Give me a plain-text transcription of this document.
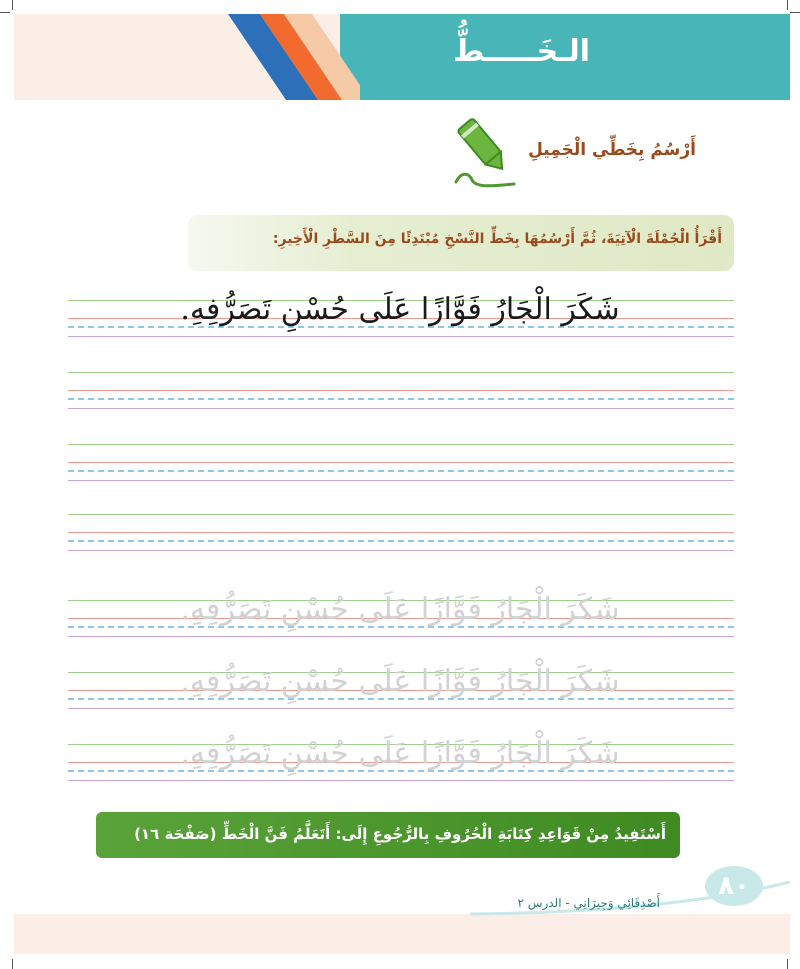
الـخَـــــطُّ
أَرْسُمُ بِخَطِّي الْجَمِيلِ
أَقْرَأُ الْجُمْلَةَ الْآتِيَةَ، ثُمَّ أَرْسُمُهَا بِخَطِّ النَّسْخِ مُبْتَدِئًا مِنَ السَّطْرِ الْأَخِيرِ:
شَكَرَ الْجَارُ فَوَّازًا عَلَى حُسْنِ تَصَرُّفِهِ.
شَكَرَ الْجَارُ فَوَّازًا عَلَى حُسْنِ تَصَرُّفِهِ.
شَكَرَ الْجَارُ فَوَّازًا عَلَى حُسْنِ تَصَرُّفِهِ.
شَكَرَ الْجَارُ فَوَّازًا عَلَى حُسْنِ تَصَرُّفِهِ.
أَسْتَفِيدُ مِنْ قَوَاعِدِ كِتَابَةِ الْحُرُوفِ بِالرُّجُوعِ إِلَى: أَتَعَلَّمُ فَنَّ الْخَطِّ (صَفْحَة ١٦)
٨٠
أَصْدِقَائِي وَجِيرَانِي - الدرس ٢
